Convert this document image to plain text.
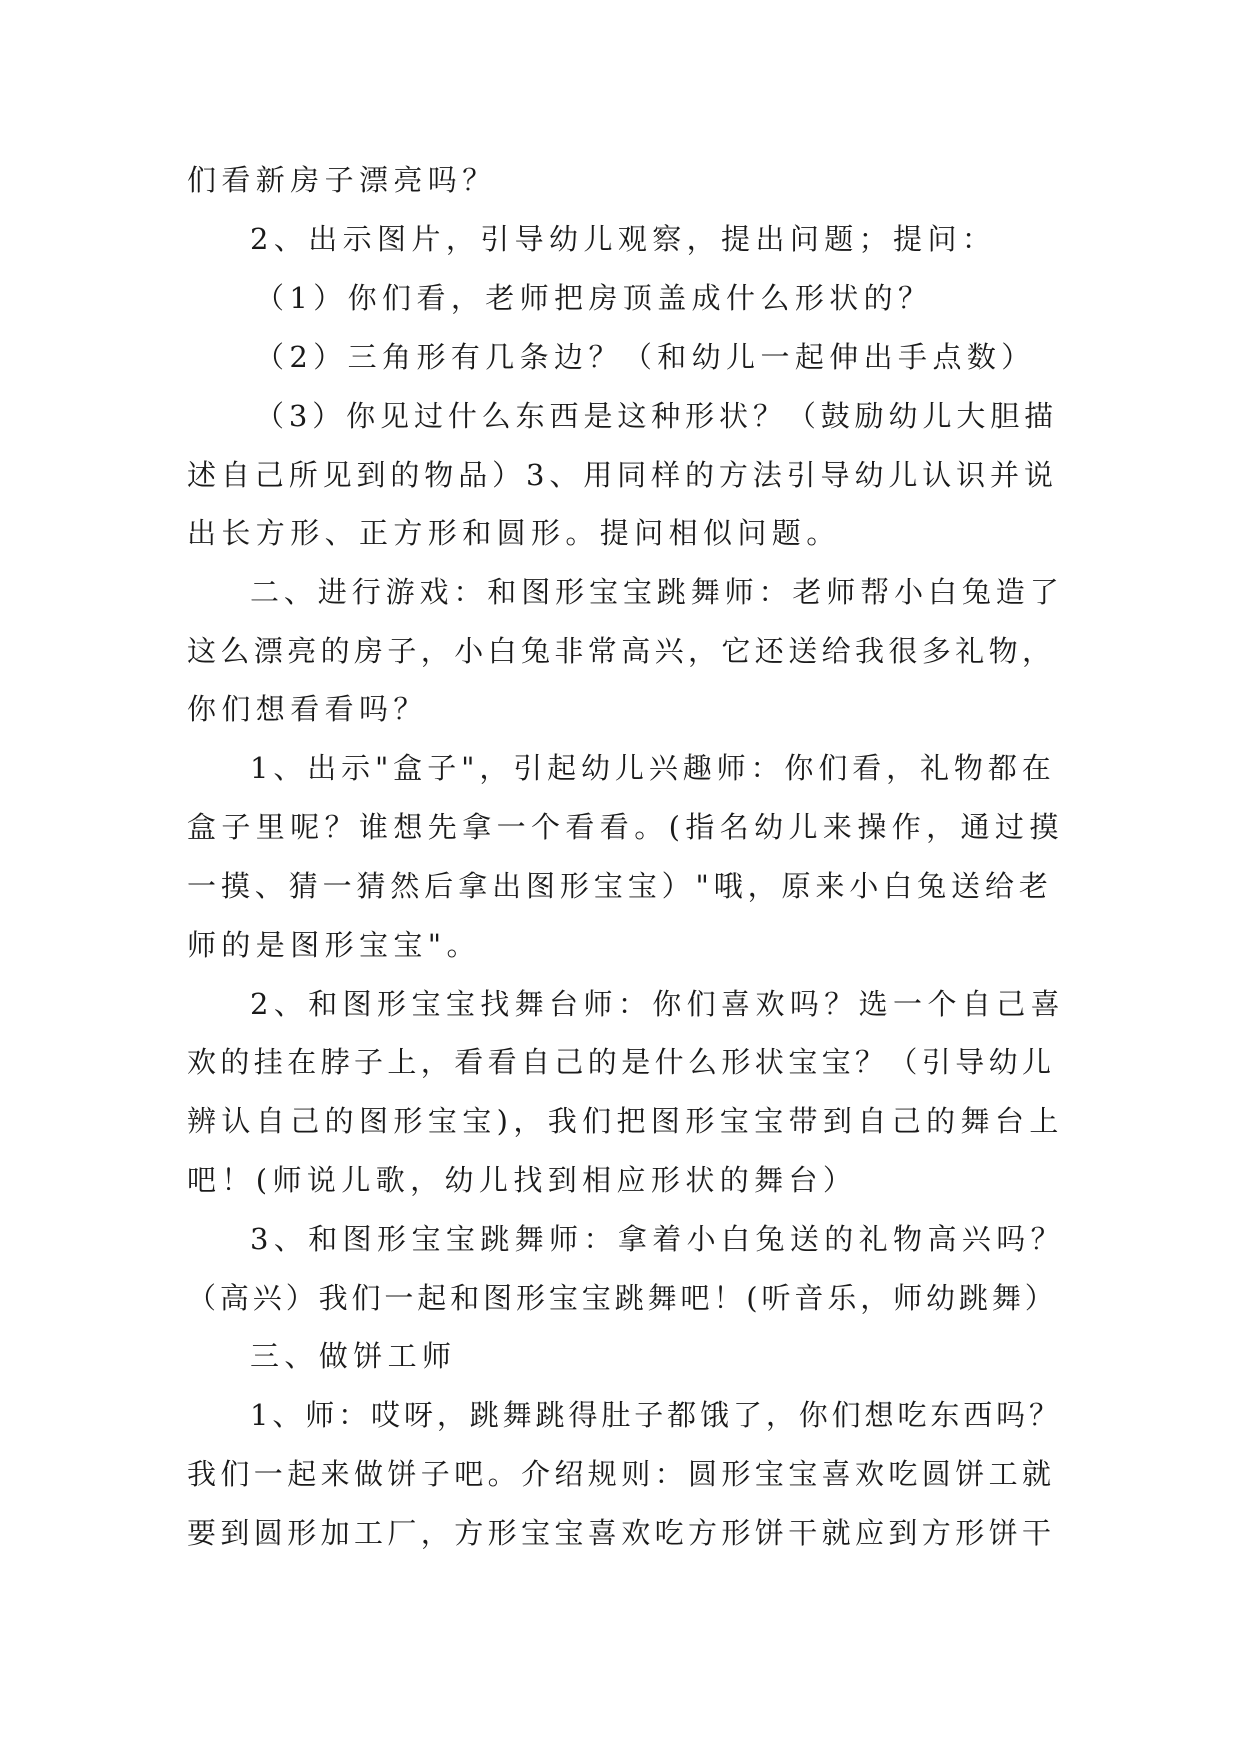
们看新房子漂亮吗？

2、出示图片，引导幼儿观察，提出问题；提问：

（1）你们看，老师把房顶盖成什么形状的？

（2）三角形有几条边？（和幼儿一起伸出手点数）

（3）你见过什么东西是这种形状？（鼓励幼儿大胆描

述自己所见到的物品）3、用同样的方法引导幼儿认识并说

出长方形、正方形和圆形。提问相似问题。

二、进行游戏：和图形宝宝跳舞师：老师帮小白兔造了

这么漂亮的房子，小白兔非常高兴，它还送给我很多礼物，

你们想看看吗？

1、出示"盒子"，引起幼儿兴趣师：你们看，礼物都在

盒子里呢？谁想先拿一个看看。(指名幼儿来操作，通过摸

一摸、猜一猜然后拿出图形宝宝）"哦，原来小白兔送给老

师的是图形宝宝"。

2、和图形宝宝找舞台师：你们喜欢吗？选一个自己喜

欢的挂在脖子上，看看自己的是什么形状宝宝？（引导幼儿

辨认自己的图形宝宝)，我们把图形宝宝带到自己的舞台上

吧！(师说儿歌，幼儿找到相应形状的舞台）

3、和图形宝宝跳舞师：拿着小白兔送的礼物高兴吗？

（高兴）我们一起和图形宝宝跳舞吧！(听音乐，师幼跳舞）

三、做饼工师

1、师：哎呀，跳舞跳得肚子都饿了，你们想吃东西吗？

我们一起来做饼子吧。介绍规则：圆形宝宝喜欢吃圆饼工就

要到圆形加工厂，方形宝宝喜欢吃方形饼干就应到方形饼干
